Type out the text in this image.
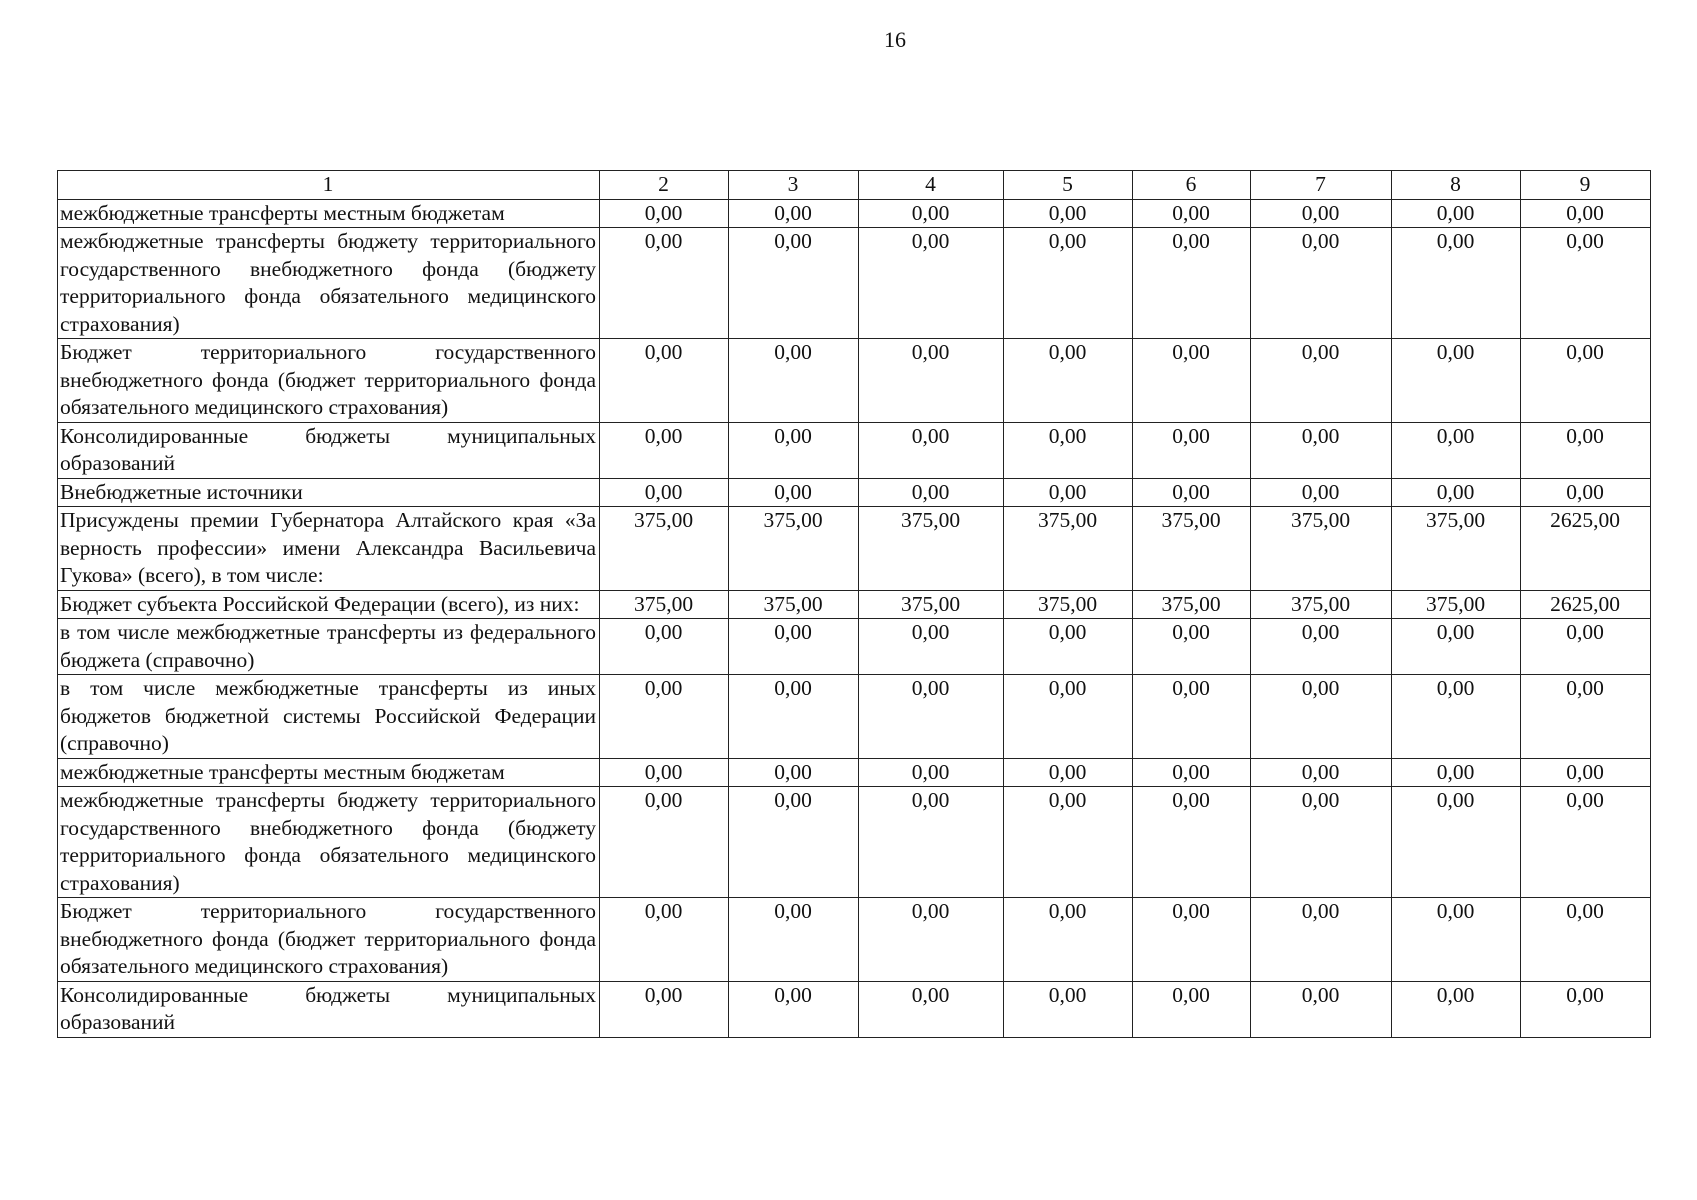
16
1	2	3	4	5	6	7	8	9
межбюджетные трансферты местным бюджетам	0,00	0,00	0,00	0,00	0,00	0,00	0,00	0,00
межбюджетные трансферты бюджету территориального государственного внебюджетного фонда (бюджету территориального фонда обязательного медицинского страхования)	0,00	0,00	0,00	0,00	0,00	0,00	0,00	0,00
Бюджет территориального государственного внебюджетного фонда (бюджет территориального фонда обязательного медицинского страхования)	0,00	0,00	0,00	0,00	0,00	0,00	0,00	0,00
Консолидированные бюджеты муниципальных образований	0,00	0,00	0,00	0,00	0,00	0,00	0,00	0,00
Внебюджетные источники	0,00	0,00	0,00	0,00	0,00	0,00	0,00	0,00
Присуждены премии Губернатора Алтайского края «За верность профессии» имени Александра Васильевича Гукова» (всего), в том числе:	375,00	375,00	375,00	375,00	375,00	375,00	375,00	2625,00
Бюджет субъекта Российской Федерации (всего), из них:	375,00	375,00	375,00	375,00	375,00	375,00	375,00	2625,00
в том числе межбюджетные трансферты из федерального бюджета (справочно)	0,00	0,00	0,00	0,00	0,00	0,00	0,00	0,00
в том числе межбюджетные трансферты из иных бюджетов бюджетной системы Российской Федерации (справочно)	0,00	0,00	0,00	0,00	0,00	0,00	0,00	0,00
межбюджетные трансферты местным бюджетам	0,00	0,00	0,00	0,00	0,00	0,00	0,00	0,00
межбюджетные трансферты бюджету территориального государственного внебюджетного фонда (бюджету территориального фонда обязательного медицинского страхования)	0,00	0,00	0,00	0,00	0,00	0,00	0,00	0,00
Бюджет территориального государственного внебюджетного фонда (бюджет территориального фонда обязательного медицинского страхования)	0,00	0,00	0,00	0,00	0,00	0,00	0,00	0,00
Консолидированные бюджеты муниципальных образований	0,00	0,00	0,00	0,00	0,00	0,00	0,00	0,00
